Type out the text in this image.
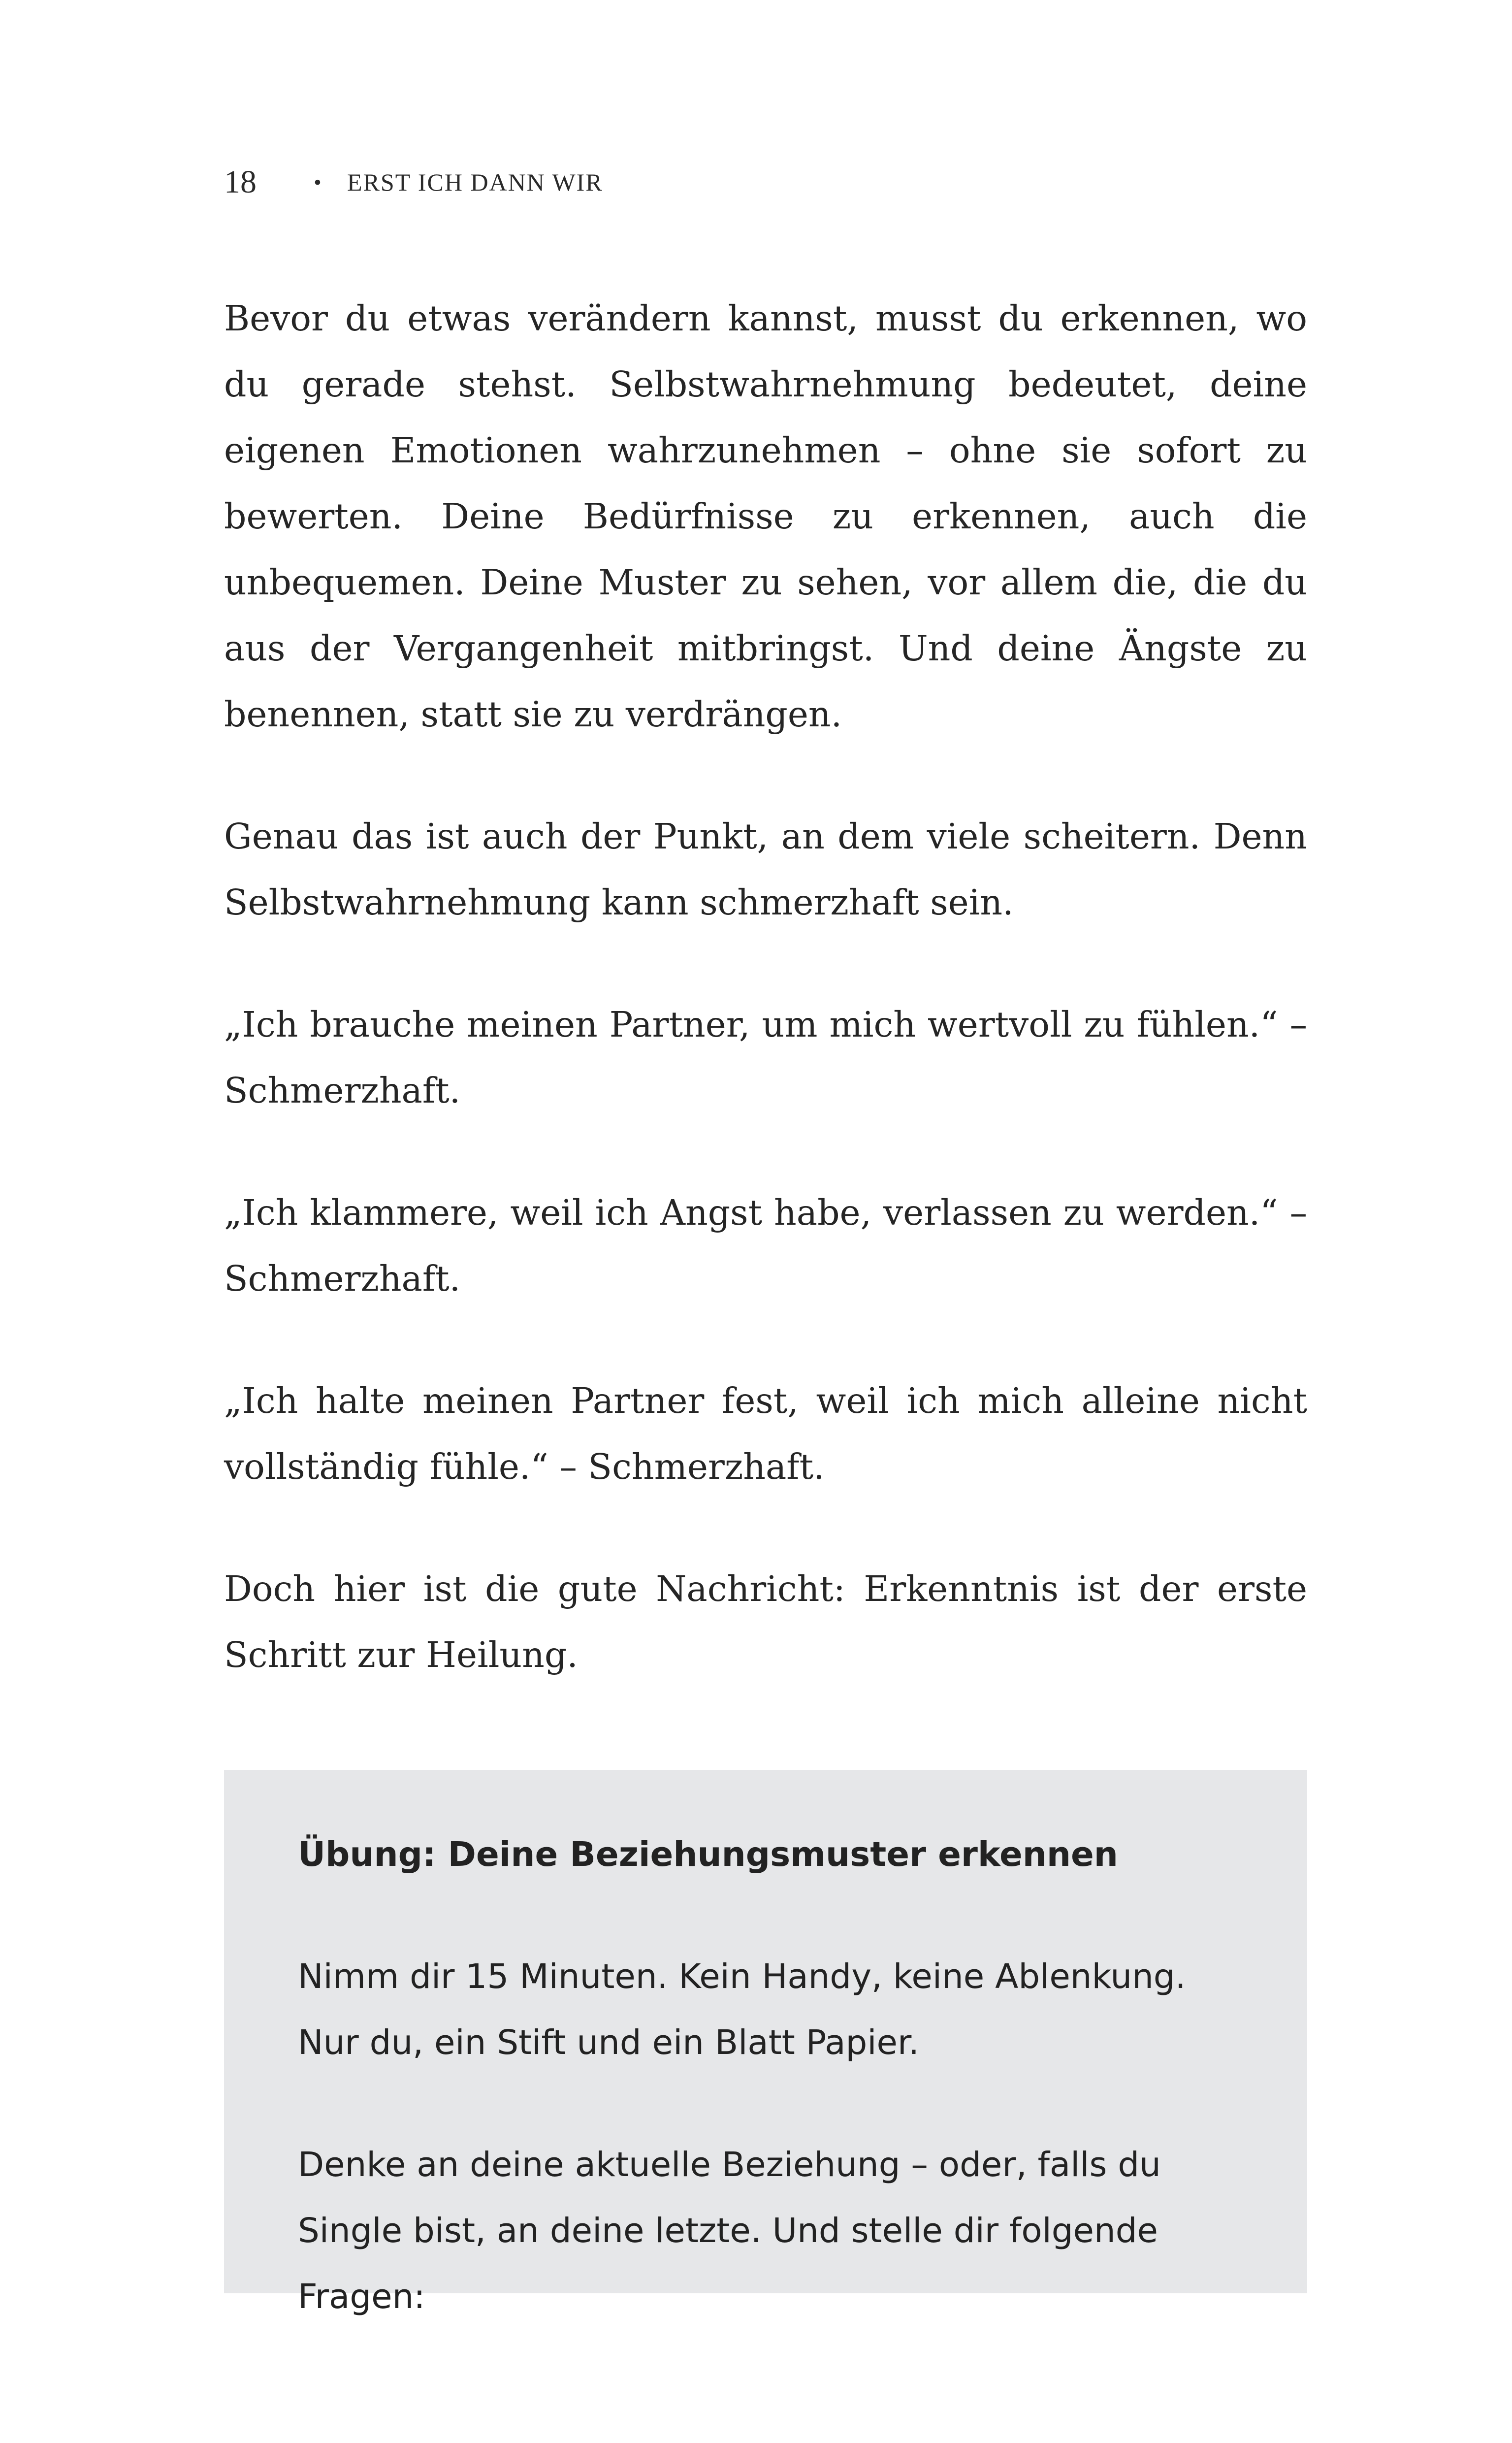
18	•	ERST ICH DANN WIR

Bevor du etwas verändern kannst, musst du erkennen, wo du gerade stehst. Selbstwahrnehmung bedeutet, deine eigenen Emotionen wahrzunehmen – ohne sie sofort zu bewerten. Deine Bedürfnisse zu erkennen, auch die unbequemen. Deine Muster zu sehen, vor allem die, die du aus der Vergangenheit mitbringst. Und deine Ängste zu benennen, statt sie zu verdrängen.

Genau das ist auch der Punkt, an dem viele scheitern. Denn Selbstwahrnehmung kann schmerzhaft sein.

„Ich brauche meinen Partner, um mich wertvoll zu fühlen.“ – Schmerzhaft.

„Ich klammere, weil ich Angst habe, verlassen zu werden.“ – Schmerzhaft.

„Ich halte meinen Partner fest, weil ich mich alleine nicht vollständig fühle.“ – Schmerzhaft.

Doch hier ist die gute Nachricht: Erkenntnis ist der erste Schritt zur Heilung.

Übung: Deine Beziehungsmuster erkennen

Nimm dir 15 Minuten. Kein Handy, keine Ablenkung. Nur du, ein Stift und ein Blatt Papier.

Denke an deine aktuelle Beziehung – oder, falls du Single bist, an deine letzte. Und stelle dir folgende Fragen:
